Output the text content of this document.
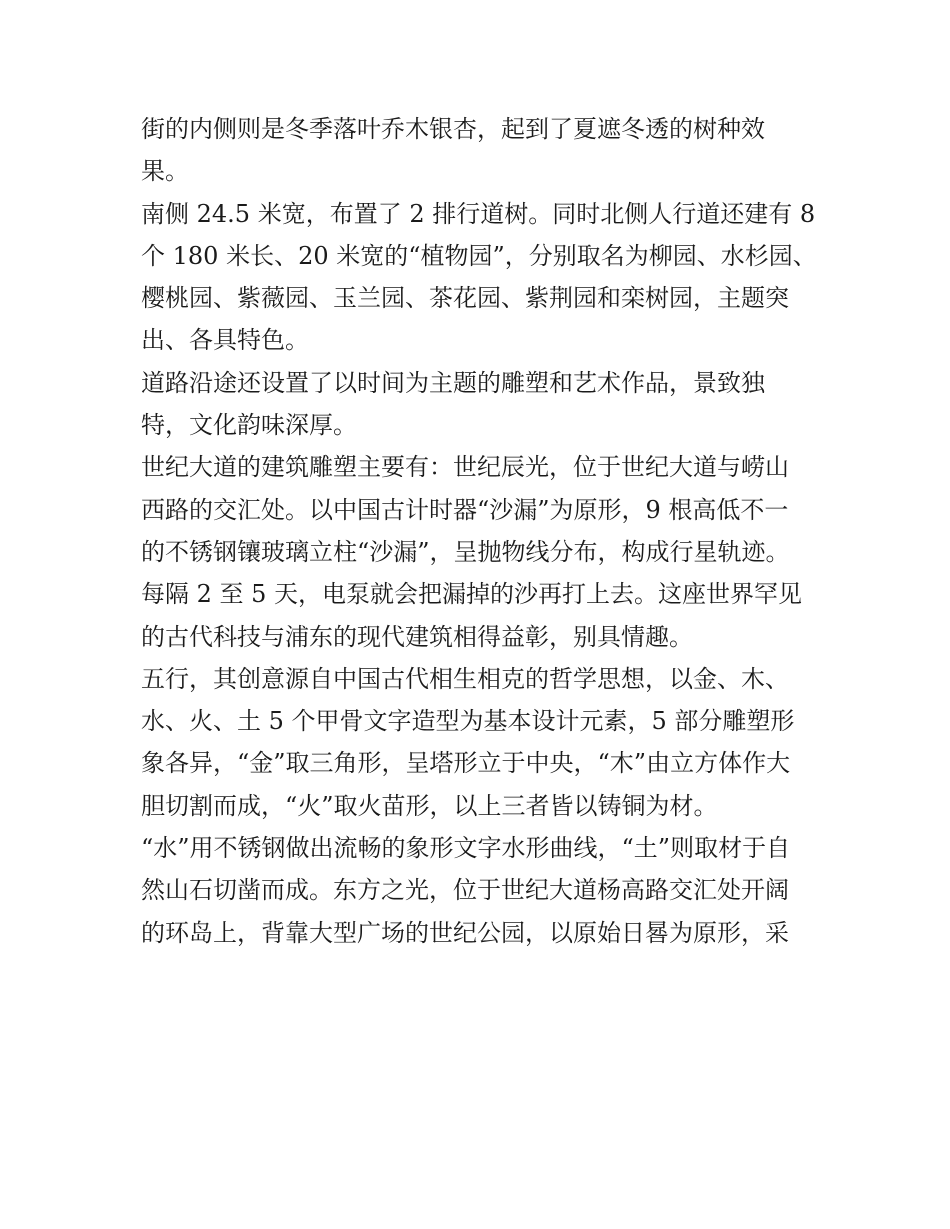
街的内侧则是冬季落叶乔木银杏，起到了夏遮冬透的树种效
果。

南侧 24.5 米宽，布置了 2 排行道树。同时北侧人行道还建有 8
个 180 米长、20 米宽的“植物园”，分别取名为柳园、水杉园、
樱桃园、紫薇园、玉兰园、茶花园、紫荆园和栾树园，主题突
出、各具特色。

道路沿途还设置了以时间为主题的雕塑和艺术作品，景致独
特，文化韵味深厚。

世纪大道的建筑雕塑主要有：世纪辰光，位于世纪大道与崂山
西路的交汇处。以中国古计时器“沙漏”为原形，9 根高低不一
的不锈钢镶玻璃立柱“沙漏”，呈抛物线分布，构成行星轨迹。
每隔 2 至 5 天，电泵就会把漏掉的沙再打上去。这座世界罕见
的古代科技与浦东的现代建筑相得益彰，别具情趣。

五行，其创意源自中国古代相生相克的哲学思想，以金、木、
水、火、土 5 个甲骨文字造型为基本设计元素，5 部分雕塑形
象各异，“金”取三角形，呈塔形立于中央，“木”由立方体作大
胆切割而成，“火”取火苗形，以上三者皆以铸铜为材。

“水”用不锈钢做出流畅的象形文字水形曲线，“土”则取材于自
然山石切凿而成。东方之光，位于世纪大道杨高路交汇处开阔
的环岛上，背靠大型广场的世纪公园，以原始日晷为原形，采
